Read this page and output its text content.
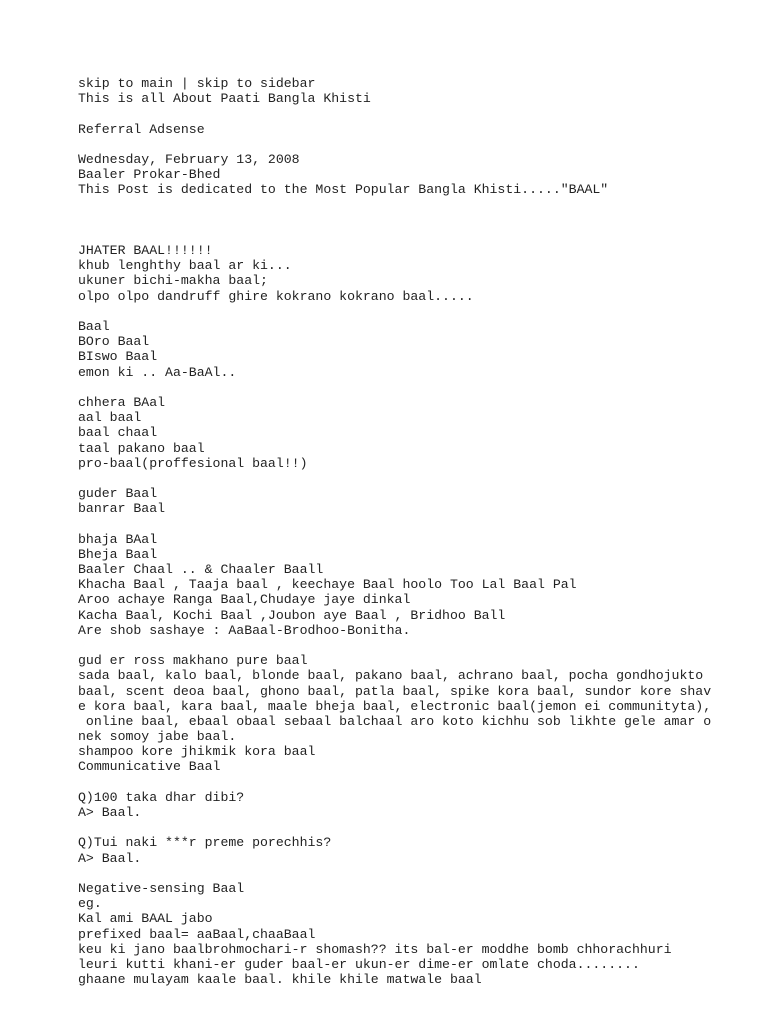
skip to main | skip to sidebar
This is all About Paati Bangla Khisti
Referral Adsense
Wednesday, February 13, 2008
Baaler Prokar-Bhed
This Post is dedicated to the Most Popular Bangla Khisti....."BAAL"
JHATER BAAL!!!!!!
khub lenghthy baal ar ki...
ukuner bichi-makha baal;
olpo olpo dandruff ghire kokrano kokrano baal.....
Baal
BOro Baal
BIswo Baal
emon ki .. Aa-BaAl..
chhera BAal
aal baal
baal chaal
taal pakano baal
pro-baal(proffesional baal!!)
guder Baal
banrar Baal
bhaja BAal
Bheja Baal
Baaler Chaal .. & Chaaler Baall
Khacha Baal , Taaja baal , keechaye Baal hoolo Too Lal Baal Pal
Aroo achaye Ranga Baal,Chudaye jaye dinkal
Kacha Baal, Kochi Baal ,Joubon aye Baal , Bridhoo Ball
Are shob sashaye : AaBaal-Brodhoo-Bonitha.
gud er ross makhano pure baal
sada baal, kalo baal, blonde baal, pakano baal, achrano baal, pocha gondhojukto
baal, scent deoa baal, ghono baal, patla baal, spike kora baal, sundor kore shav
e kora baal, kara baal, maale bheja baal, electronic baal(jemon ei communityta),
online baal, ebaal obaal sebaal balchaal aro koto kichhu sob likhte gele amar o
nek somoy jabe baal.
shampoo kore jhikmik kora baal
Communicative Baal
Q)100 taka dhar dibi?
A> Baal.
Q)Tui naki ***r preme porechhis?
A> Baal.
Negative-sensing Baal
eg.
Kal ami BAAL jabo
prefixed baal= aaBaal,chaaBaal
keu ki jano baalbrohmochari-r shomash?? its bal-er moddhe bomb chhorachhuri
leuri kutti khani-er guder baal-er ukun-er dime-er omlate choda........
ghaane mulayam kaale baal. khile khile matwale baal
